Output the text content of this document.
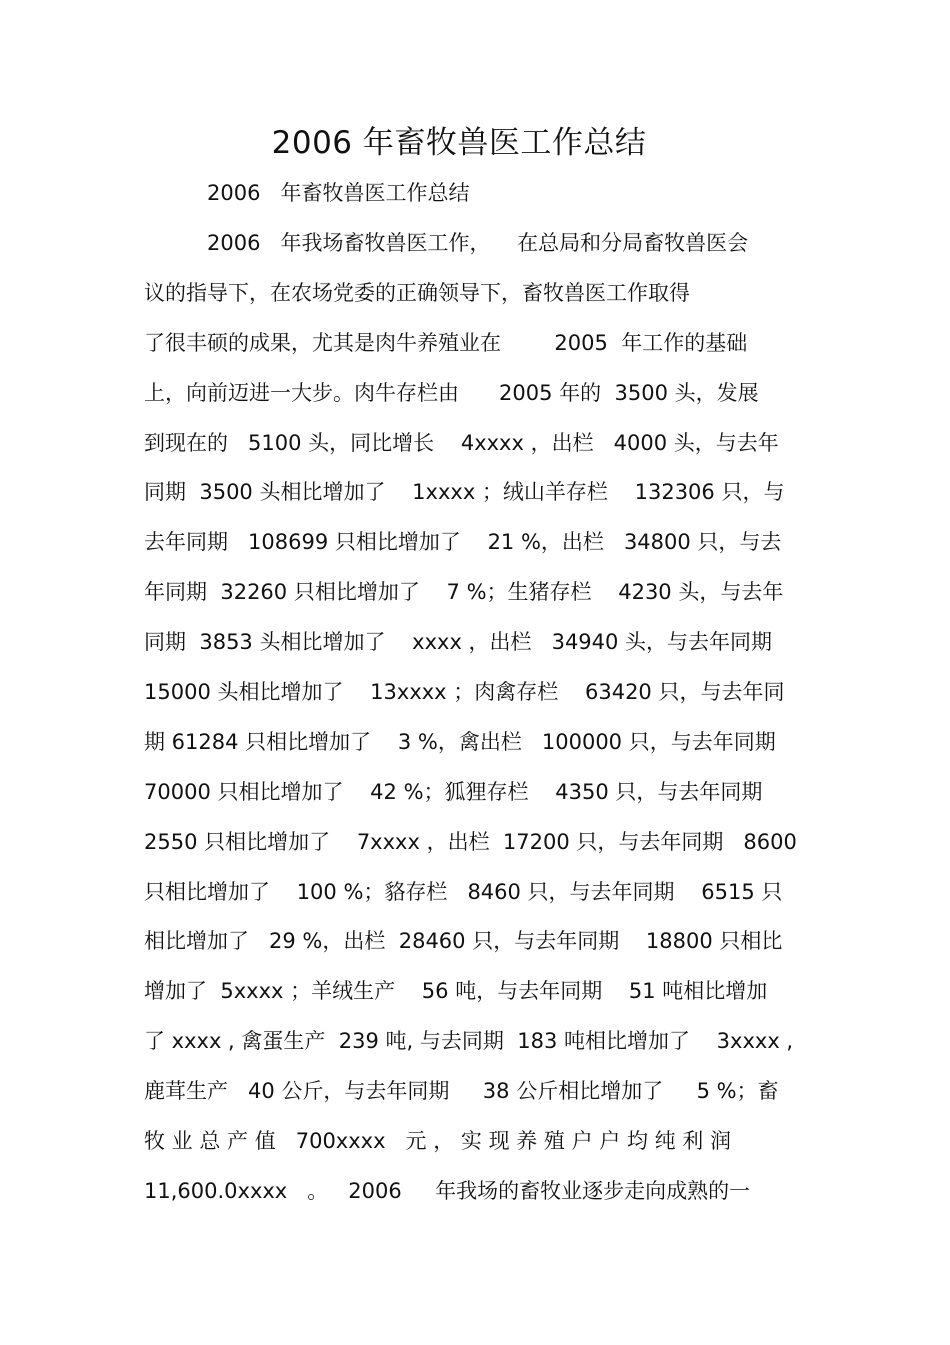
2006 年畜牧兽医工作总结
2006   年畜牧兽医工作总结
2006   年我场畜牧兽医工作，    在总局和分局畜牧兽医会
议的指导下，在农场党委的正确领导下，畜牧兽医工作取得
了很丰硕的成果，尤其是肉牛养殖业在        2005  年工作的基础
上，向前迈进一大步。肉牛存栏由      2005 年的  3500 头，发展
到现在的   5100 头，同比增长    4xxxx ，出栏   4000 头，与去年
同期  3500 头相比增加了    1xxxx ；绒山羊存栏    132306 只，与
去年同期   108699 只相比增加了    21 %，出栏   34800 只，与去
年同期  32260 只相比增加了    7 %；生猪存栏    4230 头，与去年
同期  3853 头相比增加了    xxxx ，出栏   34940 头，与去年同期
15000 头相比增加了    13xxxx ；肉禽存栏    63420 只，与去年同
期 61284 只相比增加了    3 %，禽出栏   100000 只，与去年同期
70000 只相比增加了    42 %；狐狸存栏    4350 只，与去年同期
2550 只相比增加了    7xxxx ，出栏  17200 只，与去年同期   8600
只相比增加了    100 %；貉存栏   8460 只，与去年同期    6515 只
相比增加了   29 %，出栏  28460 只，与去年同期    18800 只相比
增加了  5xxxx ；羊绒生产    56 吨，与去年同期    51 吨相比增加
了 xxxx , 禽蛋生产  239 吨, 与去同期  183 吨相比增加了    3xxxx ,
鹿茸生产   40 公斤，与去年同期     38 公斤相比增加了     5 %；畜
牧 业 总 产 值   700xxxx   元 ， 实 现 养 殖 户 户 均 纯 利 润
11,600.0xxxx   。   2006     年我场的畜牧业逐步走向成熟的一
